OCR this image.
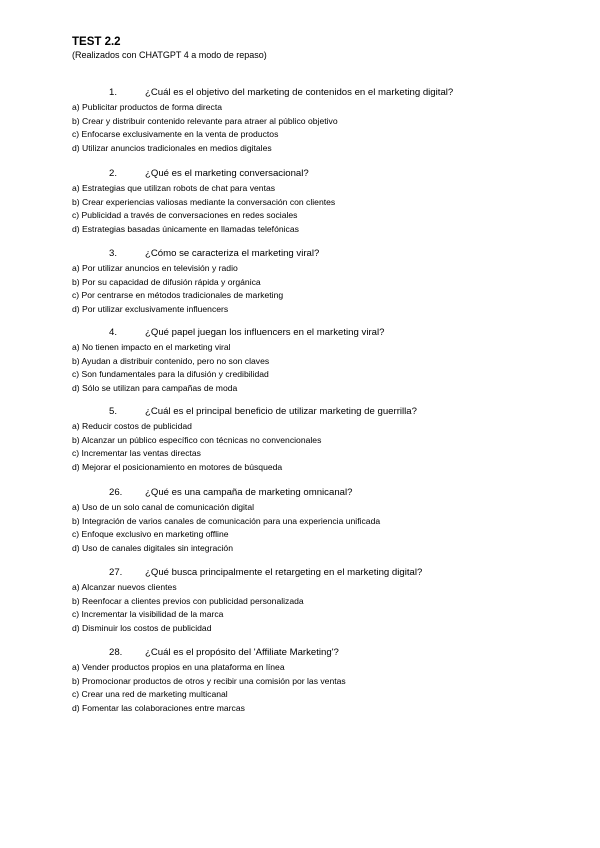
TEST 2.2
(Realizados con CHATGPT 4 a modo de repaso)
1.	¿Cuál es el objetivo del marketing de contenidos en el marketing digital?
a) Publicitar productos de forma directa
b) Crear y distribuir contenido relevante para atraer al público objetivo
c) Enfocarse exclusivamente en la venta de productos
d) Utilizar anuncios tradicionales en medios digitales
2.	¿Qué es el marketing conversacional?
a) Estrategias que utilizan robots de chat para ventas
b) Crear experiencias valiosas mediante la conversación con clientes
c) Publicidad a través de conversaciones en redes sociales
d) Estrategias basadas únicamente en llamadas telefónicas
3.	¿Cómo se caracteriza el marketing viral?
a) Por utilizar anuncios en televisión y radio
b) Por su capacidad de difusión rápida y orgánica
c) Por centrarse en métodos tradicionales de marketing
d) Por utilizar exclusivamente influencers
4.	¿Qué papel juegan los influencers en el marketing viral?
a) No tienen impacto en el marketing viral
b) Ayudan a distribuir contenido, pero no son claves
c) Son fundamentales para la difusión y credibilidad
d) Sólo se utilizan para campañas de moda
5.	¿Cuál es el principal beneficio de utilizar marketing de guerrilla?
a) Reducir costos de publicidad
b) Alcanzar un público específico con técnicas no convencionales
c) Incrementar las ventas directas
d) Mejorar el posicionamiento en motores de búsqueda
26. ¿Qué es una campaña de marketing omnicanal?
a) Uso de un solo canal de comunicación digital
b) Integración de varios canales de comunicación para una experiencia unificada
c) Enfoque exclusivo en marketing offline
d) Uso de canales digitales sin integración
27. ¿Qué busca principalmente el retargeting en el marketing digital?
a) Alcanzar nuevos clientes
b) Reenfocar a clientes previos con publicidad personalizada
c) Incrementar la visibilidad de la marca
d) Disminuir los costos de publicidad
28. ¿Cuál es el propósito del 'Affiliate Marketing'?
a) Vender productos propios en una plataforma en línea
b) Promocionar productos de otros y recibir una comisión por las ventas
c) Crear una red de marketing multicanal
d) Fomentar las colaboraciones entre marcas
